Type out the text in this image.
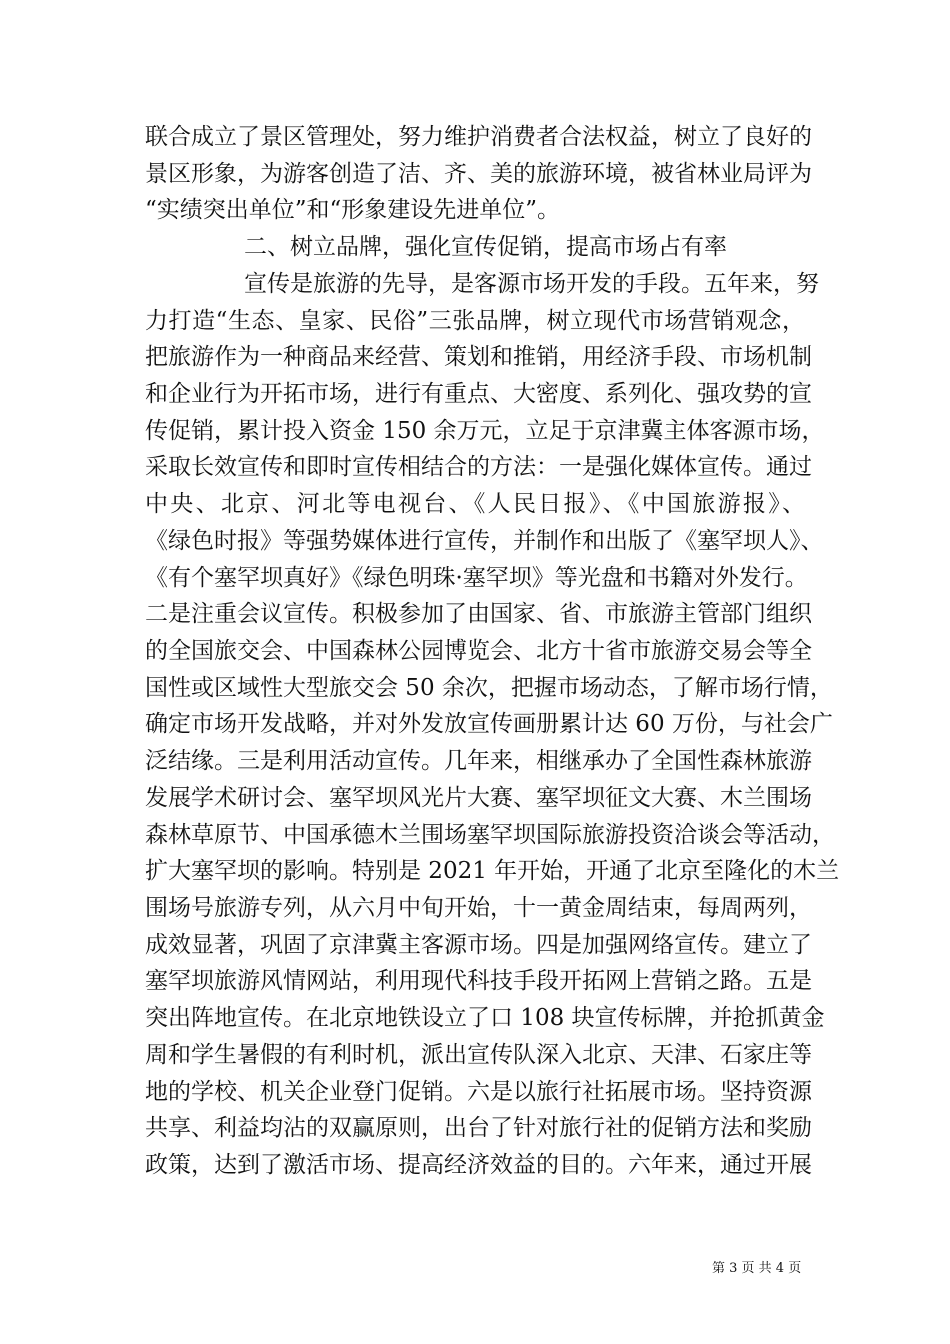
联合成立了景区管理处，努力维护消费者合法权益，树立了良好的
景区形象，为游客创造了洁、齐、美的旅游环境，被省林业局评为
“实绩突出单位”和“形象建设先进单位”。
二、树立品牌，强化宣传促销，提高市场占有率
宣传是旅游的先导，是客源市场开发的手段。五年来，努
力打造“生态、皇家、民俗”三张品牌，树立现代市场营销观念，
把旅游作为一种商品来经营、策划和推销，用经济手段、市场机制
和企业行为开拓市场，进行有重点、大密度、系列化、强攻势的宣
传促销，累计投入资金 150 余万元，立足于京津冀主体客源市场，
采取长效宣传和即时宣传相结合的方法：一是强化媒体宣传。通过
中央、北京、河北等电视台、《人民日报》、《中国旅游报》、
《绿色时报》等强势媒体进行宣传，并制作和出版了《塞罕坝人》、
《有个塞罕坝真好》《绿色明珠·塞罕坝》等光盘和书籍对外发行。
二是注重会议宣传。积极参加了由国家、省、市旅游主管部门组织
的全国旅交会、中国森林公园博览会、北方十省市旅游交易会等全
国性或区域性大型旅交会 50 余次，把握市场动态，了解市场行情，
确定市场开发战略，并对外发放宣传画册累计达 60 万份，与社会广
泛结缘。三是利用活动宣传。几年来，相继承办了全国性森林旅游
发展学术研讨会、塞罕坝风光片大赛、塞罕坝征文大赛、木兰围场
森林草原节、中国承德木兰围场塞罕坝国际旅游投资洽谈会等活动，
扩大塞罕坝的影响。特别是 2021 年开始，开通了北京至隆化的木兰
围场号旅游专列，从六月中旬开始，十一黄金周结束，每周两列，
成效显著，巩固了京津冀主客源市场。四是加强网络宣传。建立了
塞罕坝旅游风情网站，利用现代科技手段开拓网上营销之路。五是
突出阵地宣传。在北京地铁设立了口 108 块宣传标牌，并抢抓黄金
周和学生暑假的有利时机，派出宣传队深入北京、天津、石家庄等
地的学校、机关企业登门促销。六是以旅行社拓展市场。坚持资源
共享、利益均沾的双赢原则，出台了针对旅行社的促销方法和奖励
政策，达到了激活市场、提高经济效益的目的。六年来，通过开展
第 3 页 共 4 页
